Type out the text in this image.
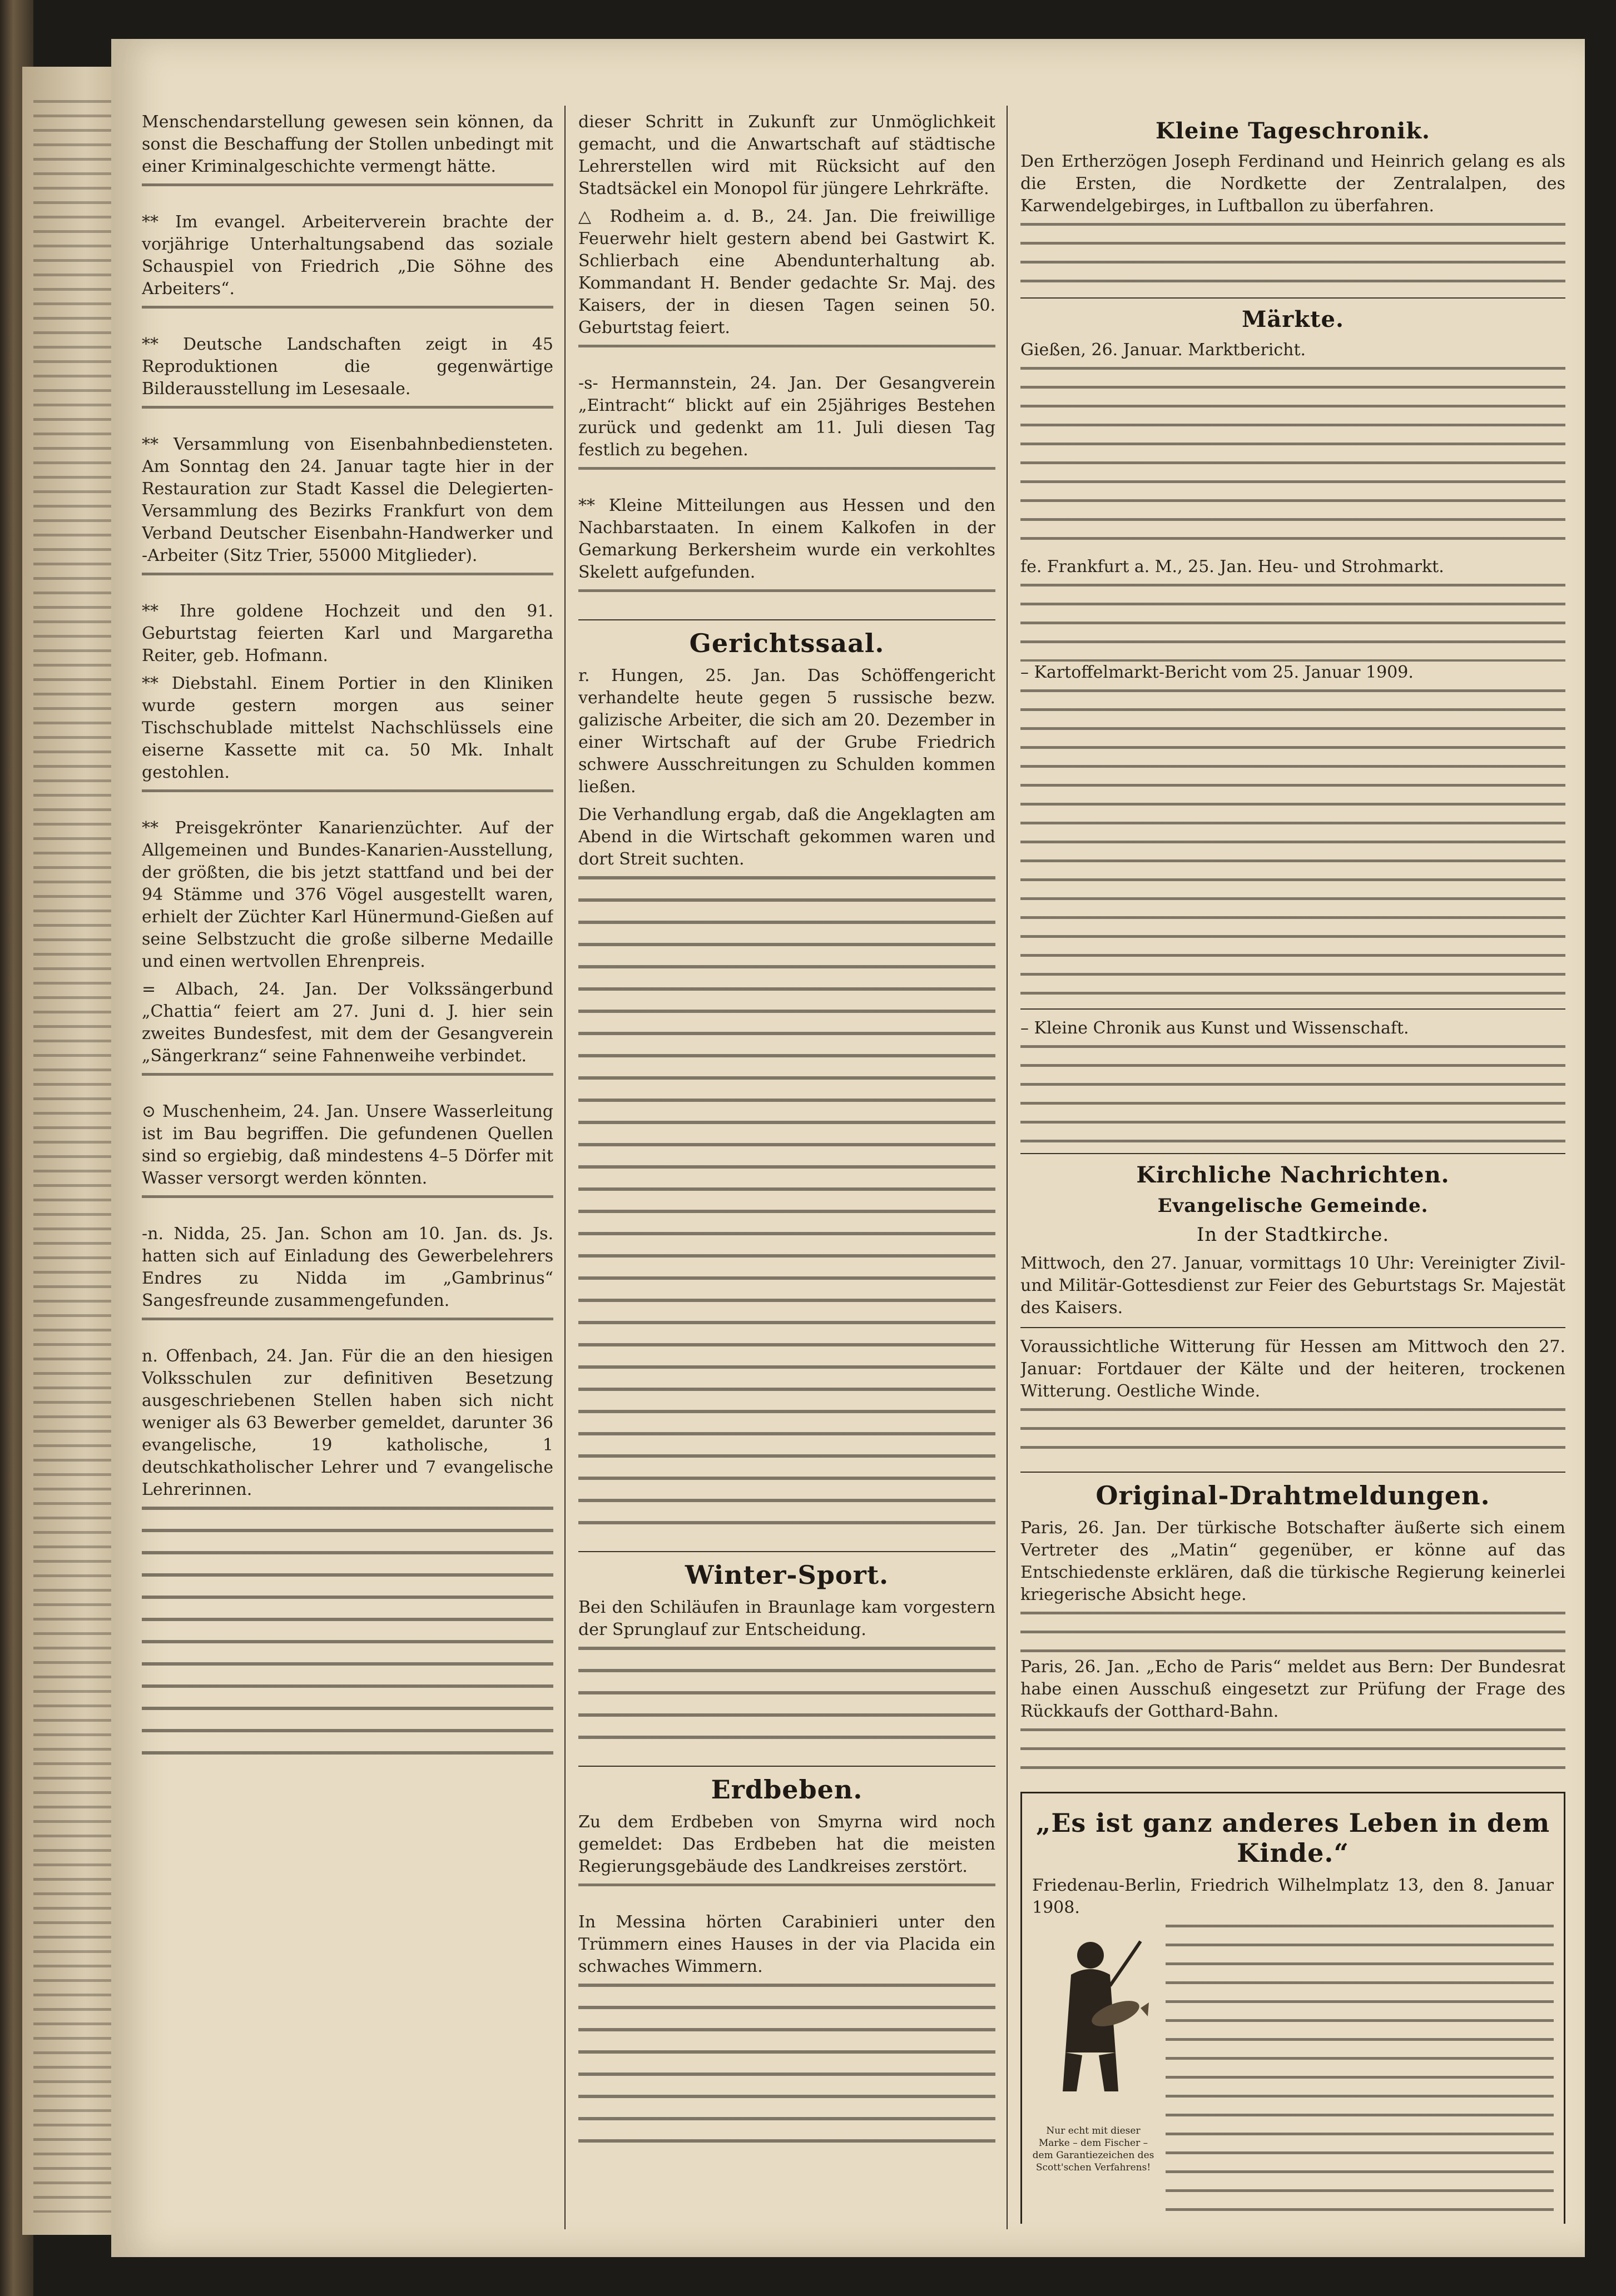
Menschendarstellung gewesen sein können, da sonst die Beschaffung der Stollen unbedingt mit einer Kriminalgeschichte vermengt hätte.

** Im evangel. Arbeiterverein brachte der vorjährige Unterhaltungsabend das soziale Schauspiel von Friedrich „Die Söhne des Arbeiters“.

** Deutsche Landschaften zeigt in 45 Reproduktionen die gegenwärtige Bilderausstellung im Lesesaale.

** Versammlung von Eisenbahnbediensteten. Am Sonntag den 24. Januar tagte hier in der Restauration zur Stadt Kassel die Delegierten-Versammlung des Bezirks Frankfurt von dem Verband Deutscher Eisenbahn-Handwerker und -Arbeiter (Sitz Trier, 55000 Mitglieder).

** Ihre goldene Hochzeit und den 91. Geburtstag feierten Karl und Margaretha Reiter, geb. Hofmann.

** Diebstahl. Einem Portier in den Kliniken wurde gestern morgen aus seiner Tischschublade mittelst Nachschlüssels eine eiserne Kassette mit ca. 50 Mk. Inhalt gestohlen.

** Preisgekrönter Kanarienzüchter. Auf der Allgemeinen und Bundes-Kanarien-Ausstellung, der größten, die bis jetzt stattfand und bei der 94 Stämme und 376 Vögel ausgestellt waren, erhielt der Züchter Karl Hünermund-Gießen auf seine Selbstzucht die große silberne Medaille und einen wertvollen Ehrenpreis.

= Albach, 24. Jan. Der Volkssängerbund „Chattia“ feiert am 27. Juni d. J. hier sein zweites Bundesfest, mit dem der Gesangverein „Sängerkranz“ seine Fahnenweihe verbindet.

⊙ Muschenheim, 24. Jan. Unsere Wasserleitung ist im Bau begriffen. Die gefundenen Quellen sind so ergiebig, daß mindestens 4–5 Dörfer mit Wasser versorgt werden könnten.

-n. Nidda, 25. Jan. Schon am 10. Jan. ds. Js. hatten sich auf Einladung des Gewerbelehrers Endres zu Nidda im „Gambrinus“ Sangesfreunde zusammengefunden.

n. Offenbach, 24. Jan. Für die an den hiesigen Volksschulen zur definitiven Besetzung ausgeschriebenen Stellen haben sich nicht weniger als 63 Bewerber gemeldet, darunter 36 evangelische, 19 katholische, 1 deutschkatholischer Lehrer und 7 evangelische Lehrerinnen.

dieser Schritt in Zukunft zur Unmöglichkeit gemacht, und die Anwartschaft auf städtische Lehrerstellen wird mit Rücksicht auf den Stadtsäckel ein Monopol für jüngere Lehrkräfte.

△ Rodheim a. d. B., 24. Jan. Die freiwillige Feuerwehr hielt gestern abend bei Gastwirt K. Schlierbach eine Abendunterhaltung ab. Kommandant H. Bender gedachte Sr. Maj. des Kaisers, der in diesen Tagen seinen 50. Geburtstag feiert.

-s- Hermannstein, 24. Jan. Der Gesangverein „Eintracht“ blickt auf ein 25jähriges Bestehen zurück und gedenkt am 11. Juli diesen Tag festlich zu begehen.

** Kleine Mitteilungen aus Hessen und den Nachbarstaaten. In einem Kalkofen in der Gemarkung Berkersheim wurde ein verkohltes Skelett aufgefunden.

Gerichtssaal.

r. Hungen, 25. Jan. Das Schöffengericht verhandelte heute gegen 5 russische bezw. galizische Arbeiter, die sich am 20. Dezember in einer Wirtschaft auf der Grube Friedrich schwere Ausschreitungen zu Schulden kommen ließen.

Die Verhandlung ergab, daß die Angeklagten am Abend in die Wirtschaft gekommen waren und dort Streit suchten.

Winter-Sport.

Bei den Schiläufen in Braunlage kam vorgestern der Sprunglauf zur Entscheidung.

Erdbeben.

Zu dem Erdbeben von Smyrna wird noch gemeldet: Das Erdbeben hat die meisten Regierungsgebäude des Landkreises zerstört.

In Messina hörten Carabinieri unter den Trümmern eines Hauses in der via Placida ein schwaches Wimmern.

Kleine Tageschronik.

Den Ertherzögen Joseph Ferdinand und Heinrich gelang es als die Ersten, die Nordkette der Zentralalpen, des Karwendelgebirges, in Luftballon zu überfahren.

Märkte.

Gießen, 26. Januar. Marktbericht.

fe. Frankfurt a. M., 25. Jan. Heu- und Strohmarkt.

– Kartoffelmarkt-Bericht vom 25. Januar 1909.

– Kleine Chronik aus Kunst und Wissenschaft.

Kirchliche Nachrichten.
Evangelische Gemeinde.
In der Stadtkirche.

Mittwoch, den 27. Januar, vormittags 10 Uhr: Vereinigter Zivil- und Militär-Gottesdienst zur Feier des Geburtstags Sr. Majestät des Kaisers.

Voraussichtliche Witterung für Hessen am Mittwoch den 27. Januar: Fortdauer der Kälte und der heiteren, trockenen Witterung. Oestliche Winde.

Original-Drahtmeldungen.

Paris, 26. Jan. Der türkische Botschafter äußerte sich einem Vertreter des „Matin“ gegenüber, er könne auf das Entschiedenste erklären, daß die türkische Regierung keinerlei kriegerische Absicht hege.

Paris, 26. Jan. „Echo de Paris“ meldet aus Bern: Der Bundesrat habe einen Ausschuß eingesetzt zur Prüfung der Frage des Rückkaufs der Gotthard-Bahn.

„Es ist ganz anderes Leben in dem Kinde.“

Friedenau-Berlin, Friedrich Wilhelmplatz 13, den 8. Januar 1908.

Nur echt mit dieser Marke – dem Fischer – dem Garantiezeichen des Scott'schen Verfahrens!
